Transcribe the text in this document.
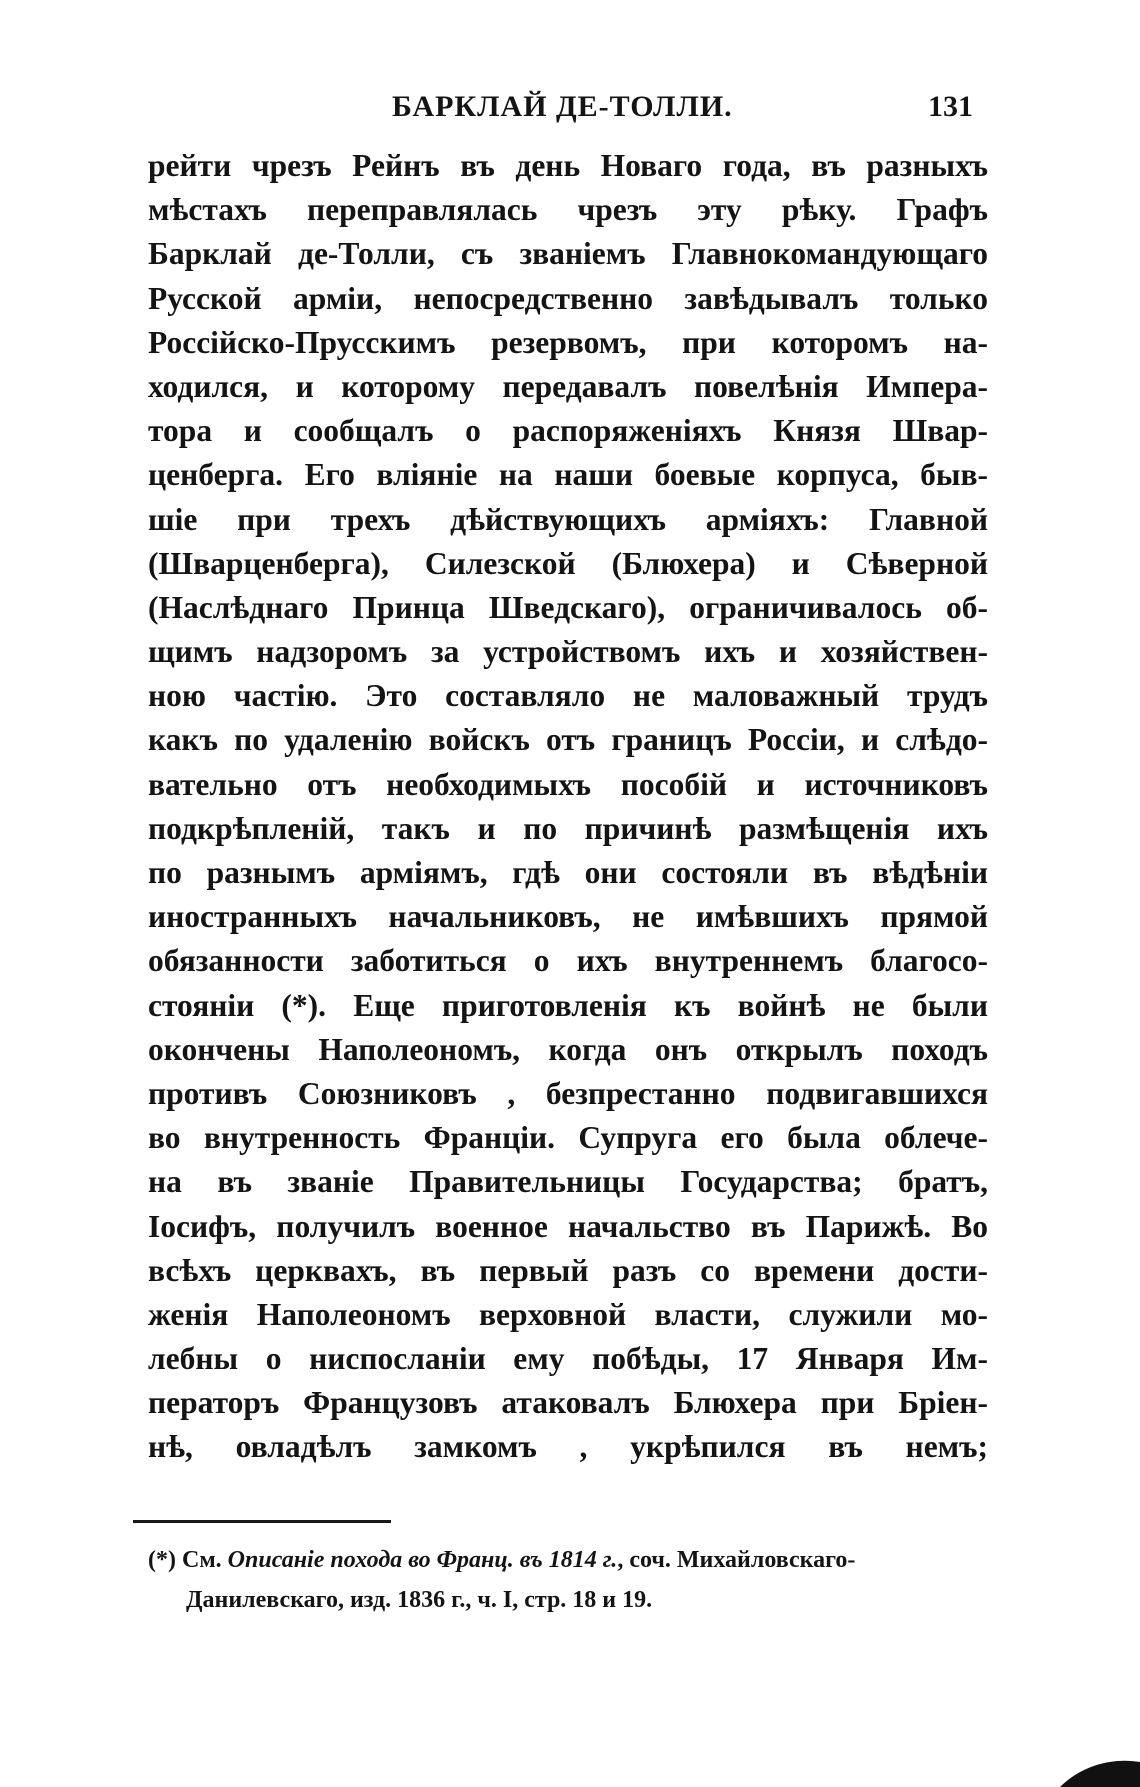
БАРКЛАЙ ДЕ-ТОЛЛИ.	131
рейти чрезъ Рейнъ въ день Новаго года, въ разныхъ
мѣстахъ переправлялась чрезъ эту рѣку. Графъ
Барклай де-Толли, съ званіемъ Главнокомандующаго
Русской арміи, непосредственно завѣдывалъ только
Россійско-Прусскимъ резервомъ, при которомъ на-
ходился, и которому передавалъ повелѣнія Импера-
тора и сообщалъ о распоряженіяхъ Князя Швар-
ценберга. Его вліяніе на наши боевые корпуса, быв-
шіе при трехъ дѣйствующихъ арміяхъ: Главной
(Шварценберга), Силезской (Блюхера) и Сѣверной
(Наслѣднаго Принца Шведскаго), ограничивалось об-
щимъ надзоромъ за устройствомъ ихъ и хозяйствен-
ною частію. Это составляло не маловажный трудъ
какъ по удаленію войскъ отъ границъ Россіи, и слѣдо-
вательно отъ необходимыхъ пособій и источниковъ
подкрѣпленій, такъ и по причинѣ размѣщенія ихъ
по разнымъ арміямъ, гдѣ они состояли въ вѣдѣніи
иностранныхъ начальниковъ, не имѣвшихъ прямой
обязанности заботиться о ихъ внутреннемъ благосо-
стояніи (*). Еще приготовленія къ войнѣ не были
окончены Наполеономъ, когда онъ открылъ походъ
противъ Союзниковъ , безпрестанно подвигавшихся
во внутренность Франціи. Супруга его была облече-
на въ званіе Правительницы Государства; братъ,
Іосифъ, получилъ военное начальство въ Парижѣ. Во
всѣхъ церквахъ, въ первый разъ со времени дости-
женія Наполеономъ верховной власти, служили мо-
лебны о ниспосланіи ему побѣды, 17 Января Им-
ператоръ Французовъ атаковалъ Блюхера при Бріен-
нѣ, овладѣлъ замкомъ , укрѣпился въ немъ;
(*) См. Описаніе похода во Франц. въ 1814 г., соч. Михайловскаго-
Данилевскаго, изд. 1836 г., ч. I, стр. 18 и 19.
